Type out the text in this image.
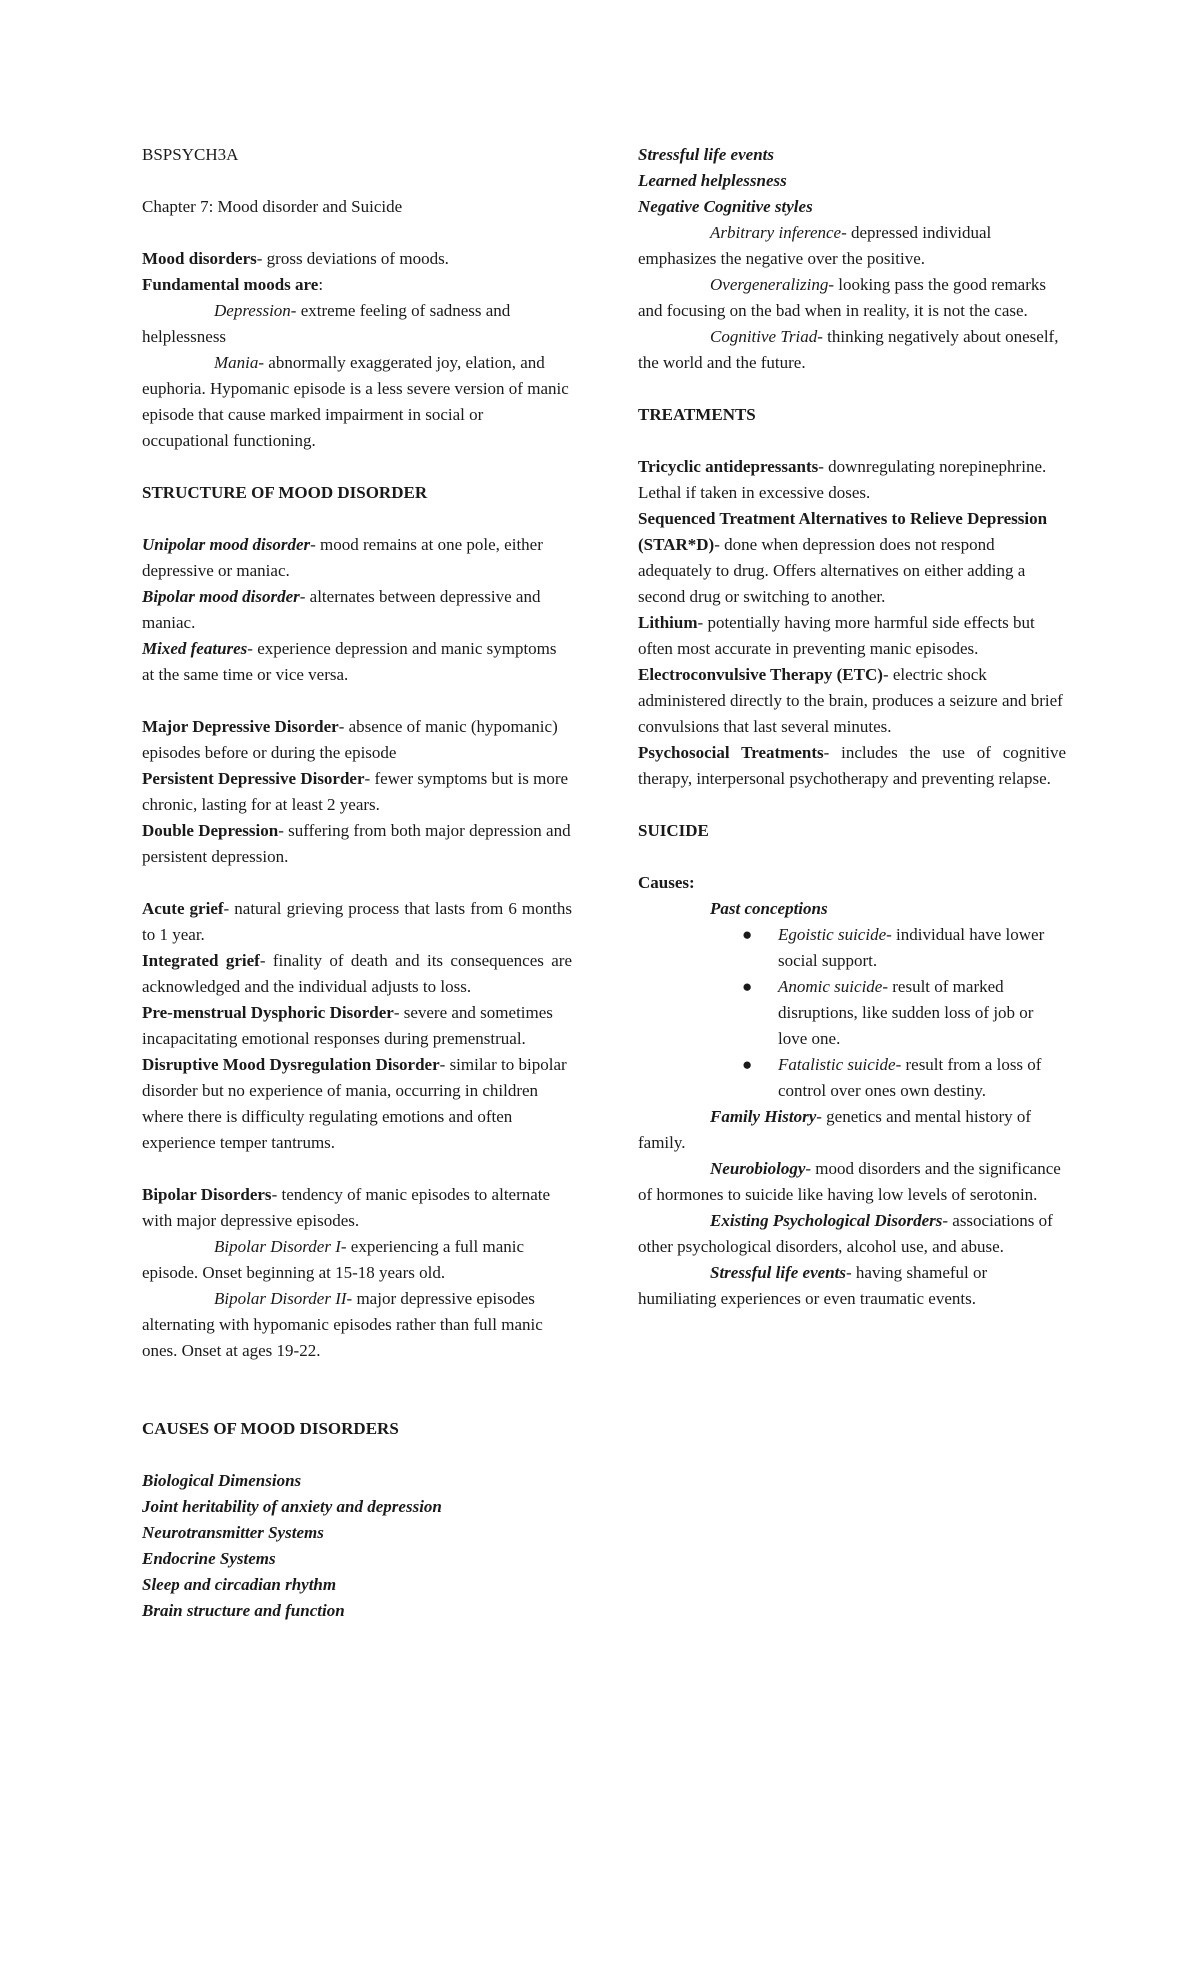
BSPSYCH3A

Chapter 7: Mood disorder and Suicide

Mood disorders- gross deviations of moods.

Fundamental moods are:

Depression- extreme feeling of sadness and helplessness

Mania- abnormally exaggerated joy, elation, and euphoria. Hypomanic episode is a less severe version of manic episode that cause marked impairment in social or occupational functioning.

STRUCTURE OF MOOD DISORDER

Unipolar mood disorder- mood remains at one pole, either depressive or maniac.

Bipolar mood disorder- alternates between depressive and maniac.

Mixed features- experience depression and manic symptoms at the same time or vice versa.

Major Depressive Disorder- absence of manic (hypomanic) episodes before or during the episode

Persistent Depressive Disorder- fewer symptoms but is more chronic, lasting for at least 2 years.

Double Depression- suffering from both major depression and persistent depression.

Acute grief- natural grieving process that lasts from 6 months to 1 year.

Integrated grief- finality of death and its consequences are acknowledged and the individual adjusts to loss.

Pre-menstrual Dysphoric Disorder- severe and sometimes incapacitating emotional responses during premenstrual.

Disruptive Mood Dysregulation Disorder- similar to bipolar disorder but no experience of mania, occurring in children where there is difficulty regulating emotions and often experience temper tantrums.

Bipolar Disorders- tendency of manic episodes to alternate with major depressive episodes.

Bipolar Disorder I- experiencing a full manic episode. Onset beginning at 15-18 years old.

Bipolar Disorder II- major depressive episodes alternating with hypomanic episodes rather than full manic ones. Onset at ages 19-22.

CAUSES OF MOOD DISORDERS

Biological Dimensions

Joint heritability of anxiety and depression

Neurotransmitter Systems

Endocrine Systems

Sleep and circadian rhythm

Brain structure and function

Stressful life events

Learned helplessness

Negative Cognitive styles

Arbitrary inference- depressed individual emphasizes the negative over the positive.

Overgeneralizing- looking pass the good remarks and focusing on the bad when in reality, it is not the case.

Cognitive Triad- thinking negatively about oneself, the world and the future.

TREATMENTS

Tricyclic antidepressants- downregulating norepinephrine. Lethal if taken in excessive doses.

Sequenced Treatment Alternatives to Relieve Depression (STAR*D)- done when depression does not respond adequately to drug. Offers alternatives on either adding a second drug or switching to another.

Lithium- potentially having more harmful side effects but often most accurate in preventing manic episodes.

Electroconvulsive Therapy (ETC)- electric shock administered directly to the brain, produces a seizure and brief convulsions that last several minutes.

Psychosocial Treatments- includes the use of cognitive therapy, interpersonal psychotherapy and preventing relapse.

SUICIDE

Causes:

Past conceptions

● Egoistic suicide- individual have lower social support.
● Anomic suicide- result of marked disruptions, like sudden loss of job or love one.
● Fatalistic suicide- result from a loss of control over ones own destiny.

Family History- genetics and mental history of family.

Neurobiology- mood disorders and the significance of hormones to suicide like having low levels of serotonin.

Existing Psychological Disorders- associations of other psychological disorders, alcohol use, and abuse.

Stressful life events- having shameful or humiliating experiences or even traumatic events.
